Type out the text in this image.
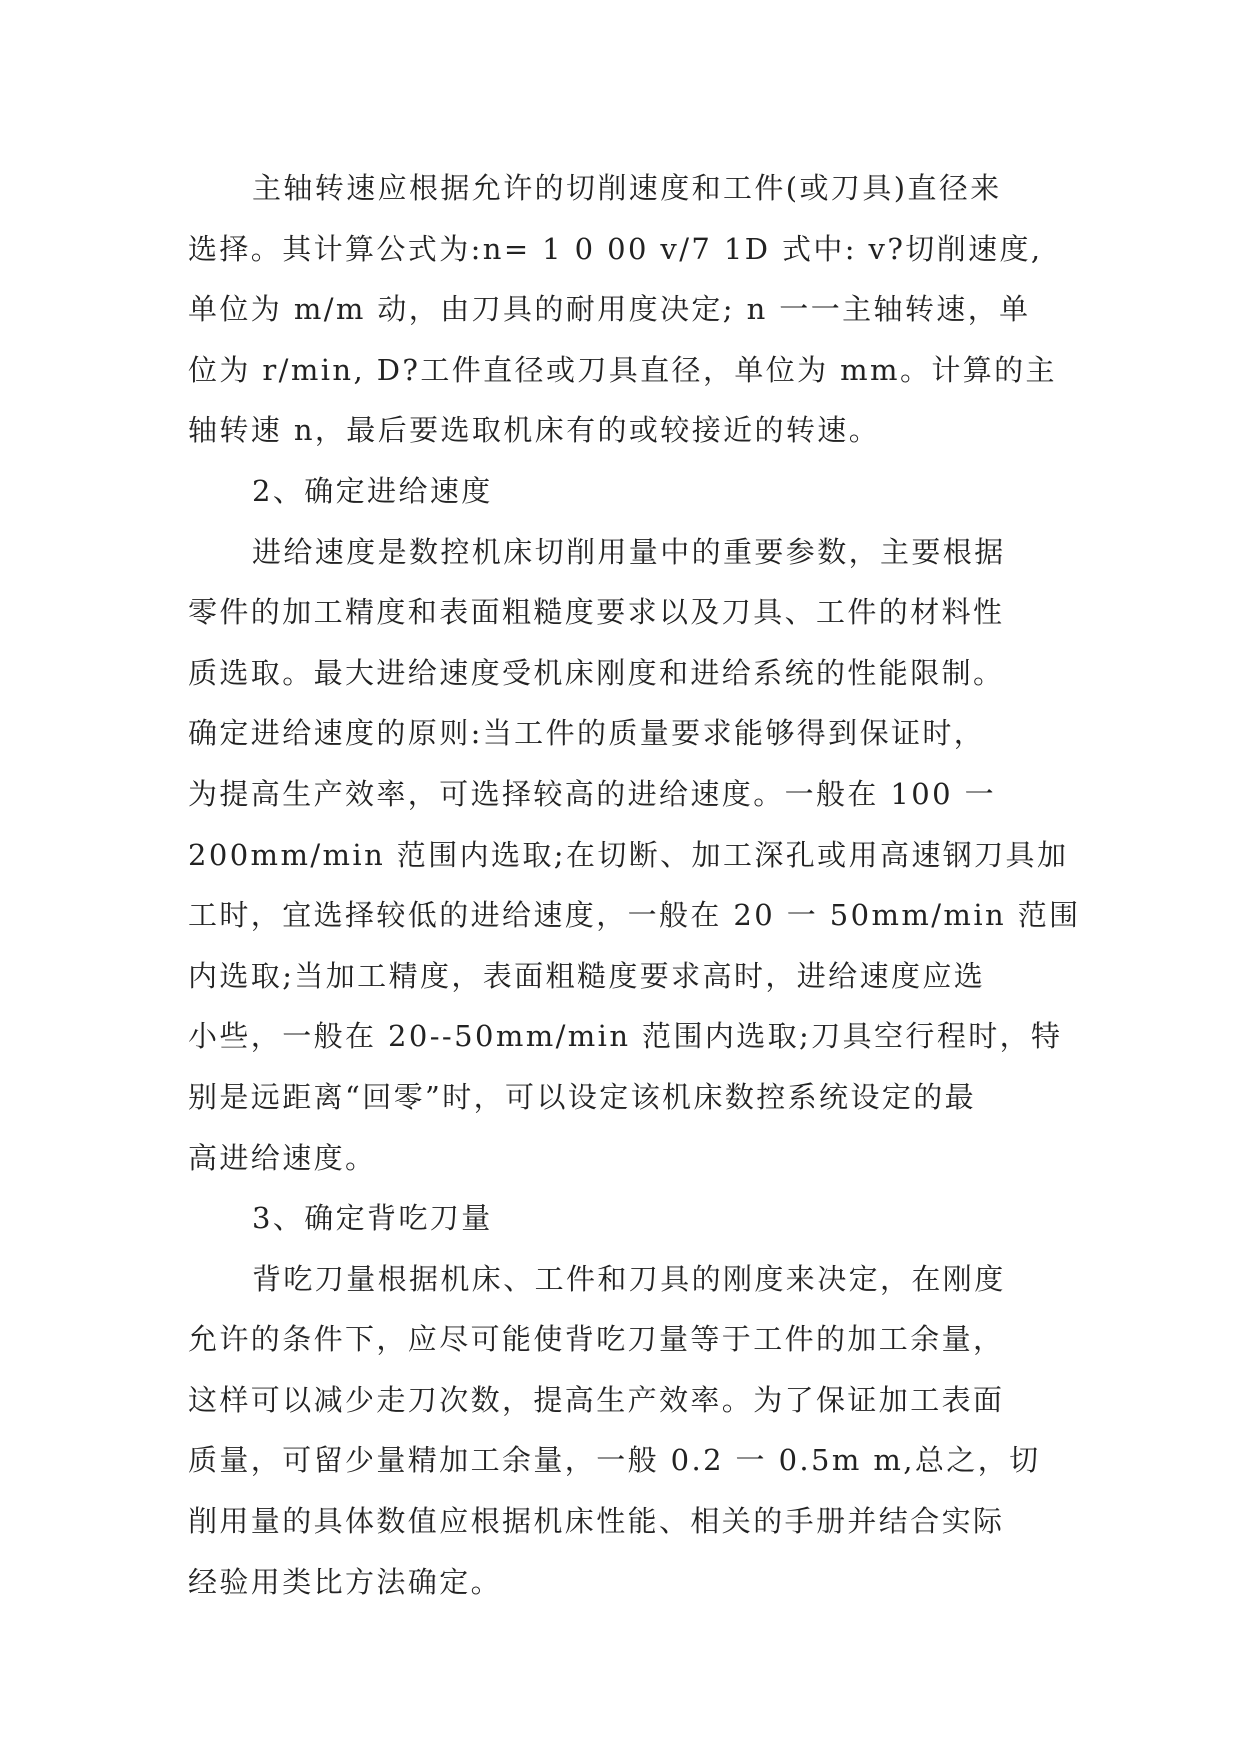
主轴转速应根据允许的切削速度和工件(或刀具)直径来
选择。其计算公式为:n= 1 0 00 v/7 1D 式中: v?切削速度,
单位为 m/m 动，由刀具的耐用度决定; n 一一主轴转速，单
位为 r/min, D?工件直径或刀具直径，单位为 mm。计算的主
轴转速 n，最后要选取机床有的或较接近的转速。
2、确定进给速度
进给速度是数控机床切削用量中的重要参数，主要根据
零件的加工精度和表面粗糙度要求以及刀具、工件的材料性
质选取。最大进给速度受机床刚度和进给系统的性能限制。
确定进给速度的原则:当工件的质量要求能够得到保证时，
为提高生产效率，可选择较高的进给速度。一般在 100 一
200mm/min 范围内选取;在切断、加工深孔或用高速钢刀具加
工时，宜选择较低的进给速度，一般在 20 一 50mm/min 范围
内选取;当加工精度，表面粗糙度要求高时，进给速度应选
小些，一般在 20--50mm/min 范围内选取;刀具空行程时，特
别是远距离“回零”时，可以设定该机床数控系统设定的最
高进给速度。
3、确定背吃刀量
背吃刀量根据机床、工件和刀具的刚度来决定，在刚度
允许的条件下，应尽可能使背吃刀量等于工件的加工余量，
这样可以减少走刀次数，提高生产效率。为了保证加工表面
质量，可留少量精加工余量，一般 0.2 一 0.5m m,总之，切
削用量的具体数值应根据机床性能、相关的手册并结合实际
经验用类比方法确定。
